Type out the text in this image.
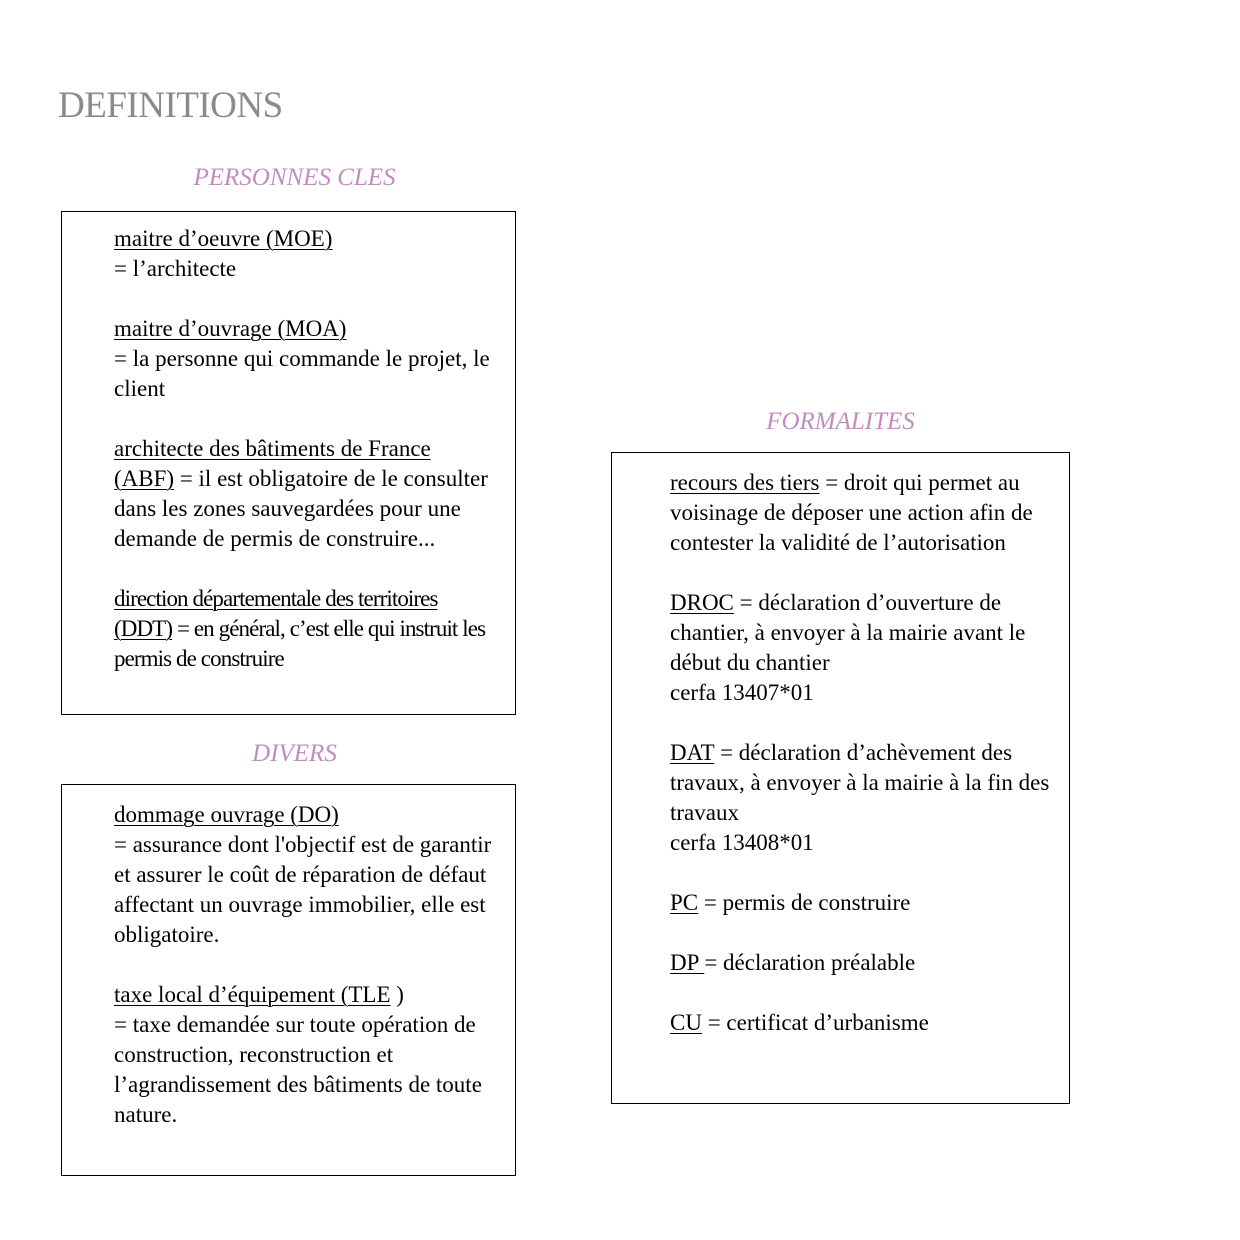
DEFINITIONS
PERSONNES CLES
maitre d’oeuvre (MOE)
= l’architecte
maitre d’ouvrage (MOA)
= la personne qui commande le projet, le client
architecte des bâtiments de France (ABF) = il est obligatoire de le consulter dans les zones sauvegardées pour une demande de permis de construire...
direction départementale des territoires (DDT) = en général, c’est elle qui instruit les permis de construire
DIVERS
dommage ouvrage (DO)
= assurance dont l'objectif est de garantir et assurer le coût de réparation de défaut affectant un ouvrage immobilier, elle est obligatoire.
taxe local d’équipement (TLE )
= taxe demandée sur toute opération de construction, reconstruction et l’agrandissement des bâtiments de toute nature.
FORMALITES
recours des tiers = droit qui permet au voisinage de déposer une action afin de contester la validité de l’autorisation
DROC = déclaration d’ouverture de chantier, à envoyer à la mairie avant le début du chantier
cerfa 13407*01
DAT = déclaration d’achèvement des travaux, à envoyer à la mairie à la fin des travaux
cerfa 13408*01
PC = permis de construire
DP = déclaration préalable
CU = certificat d’urbanisme
